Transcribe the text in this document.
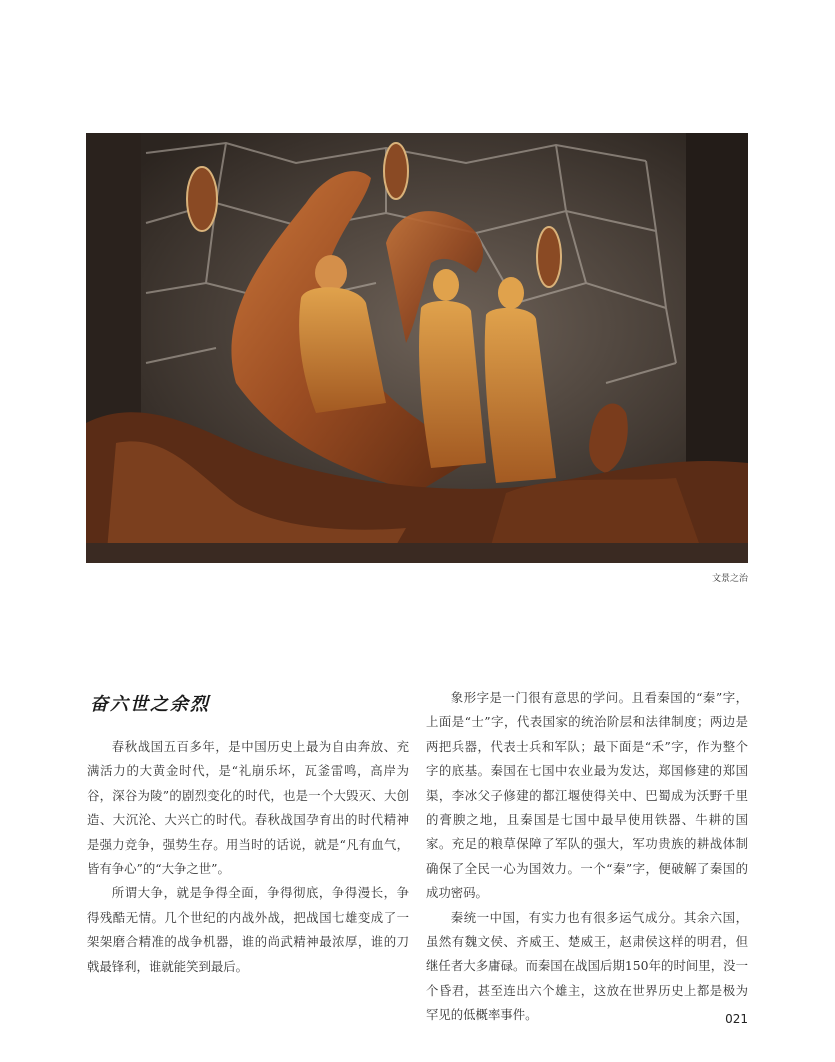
文景之治
奋六世之余烈

春秋战国五百多年，是中国历史上最为自由奔放、充满活力的大黄金时代，是“礼崩乐坏，瓦釜雷鸣，高岸为谷，深谷为陵”的剧烈变化的时代，也是一个大毁灭、大创造、大沉沦、大兴亡的时代。春秋战国孕育出的时代精神是强力竞争，强势生存。用当时的话说，就是“凡有血气，皆有争心”的“大争之世”。

所谓大争，就是争得全面，争得彻底，争得漫长，争得残酷无情。几个世纪的内战外战，把战国七雄变成了一架架磨合精准的战争机器，谁的尚武精神最浓厚，谁的刀戟最锋利，谁就能笑到最后。

象形字是一门很有意思的学问。且看秦国的“秦”字，上面是“士”字，代表国家的统治阶层和法律制度；两边是两把兵器，代表士兵和军队；最下面是“禾”字，作为整个字的底基。秦国在七国中农业最为发达，郑国修建的郑国渠，李冰父子修建的都江堰使得关中、巴蜀成为沃野千里的膏腴之地，且秦国是七国中最早使用铁器、牛耕的国家。充足的粮草保障了军队的强大，军功贵族的耕战体制确保了全民一心为国效力。一个“秦”字，便破解了秦国的成功密码。

秦统一中国，有实力也有很多运气成分。其余六国，虽然有魏文侯、齐威王、楚威王，赵肃侯这样的明君，但继任者大多庸碌。而秦国在战国后期150年的时间里，没一个昏君，甚至连出六个雄主，这放在世界历史上都是极为罕见的低概率事件。	021
